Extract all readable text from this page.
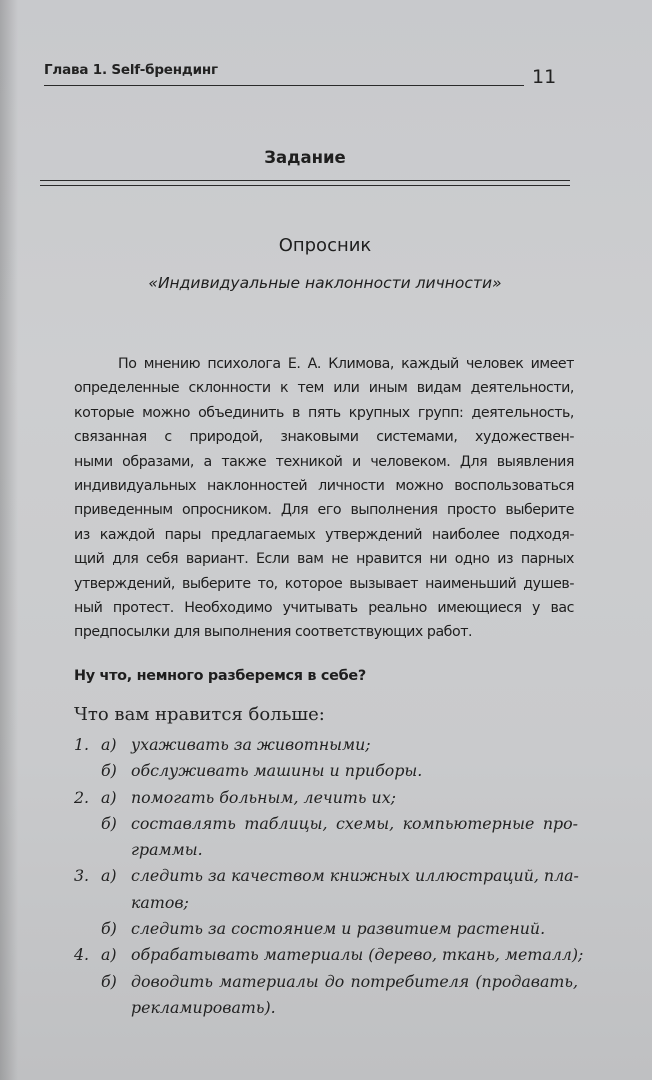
Глава 1. Self-брендинг	11
Задание
Опросник
«Индивидуальные наклонности личности»
По мнению психолога Е. А. Климова, каждый человек имеет
определенные склонности к тем или иным видам деятельности,
которые можно объединить в пять крупных групп: деятельность,
связанная с природой, знаковыми системами, художествен-
ными образами, а также техникой и человеком. Для выявления
индивидуальных наклонностей личности можно воспользоваться
приведенным опросником. Для его выполнения просто выберите
из каждой пары предлагаемых утверждений наиболее подходя-
щий для себя вариант. Если вам не нравится ни одно из парных
утверждений, выберите то, которое вызывает наименьший душев-
ный протест. Необходимо учитывать реально имеющиеся у вас
предпосылки для выполнения соответствующих работ.
Ну что, немного разберемся в себе?
Что вам нравится больше:
1. а) ухаживать за животными;
б) обслуживать машины и приборы.
2. а) помогать больным, лечить их;
б) составлять таблицы, схемы, компьютерные про-
граммы.
3. а) следить за качеством книжных иллюстраций, пла-
катов;
б) следить за состоянием и развитием растений.
4. а) обрабатывать материалы (дерево, ткань, металл);
б) доводить материалы до потребителя (продавать,
рекламировать).
